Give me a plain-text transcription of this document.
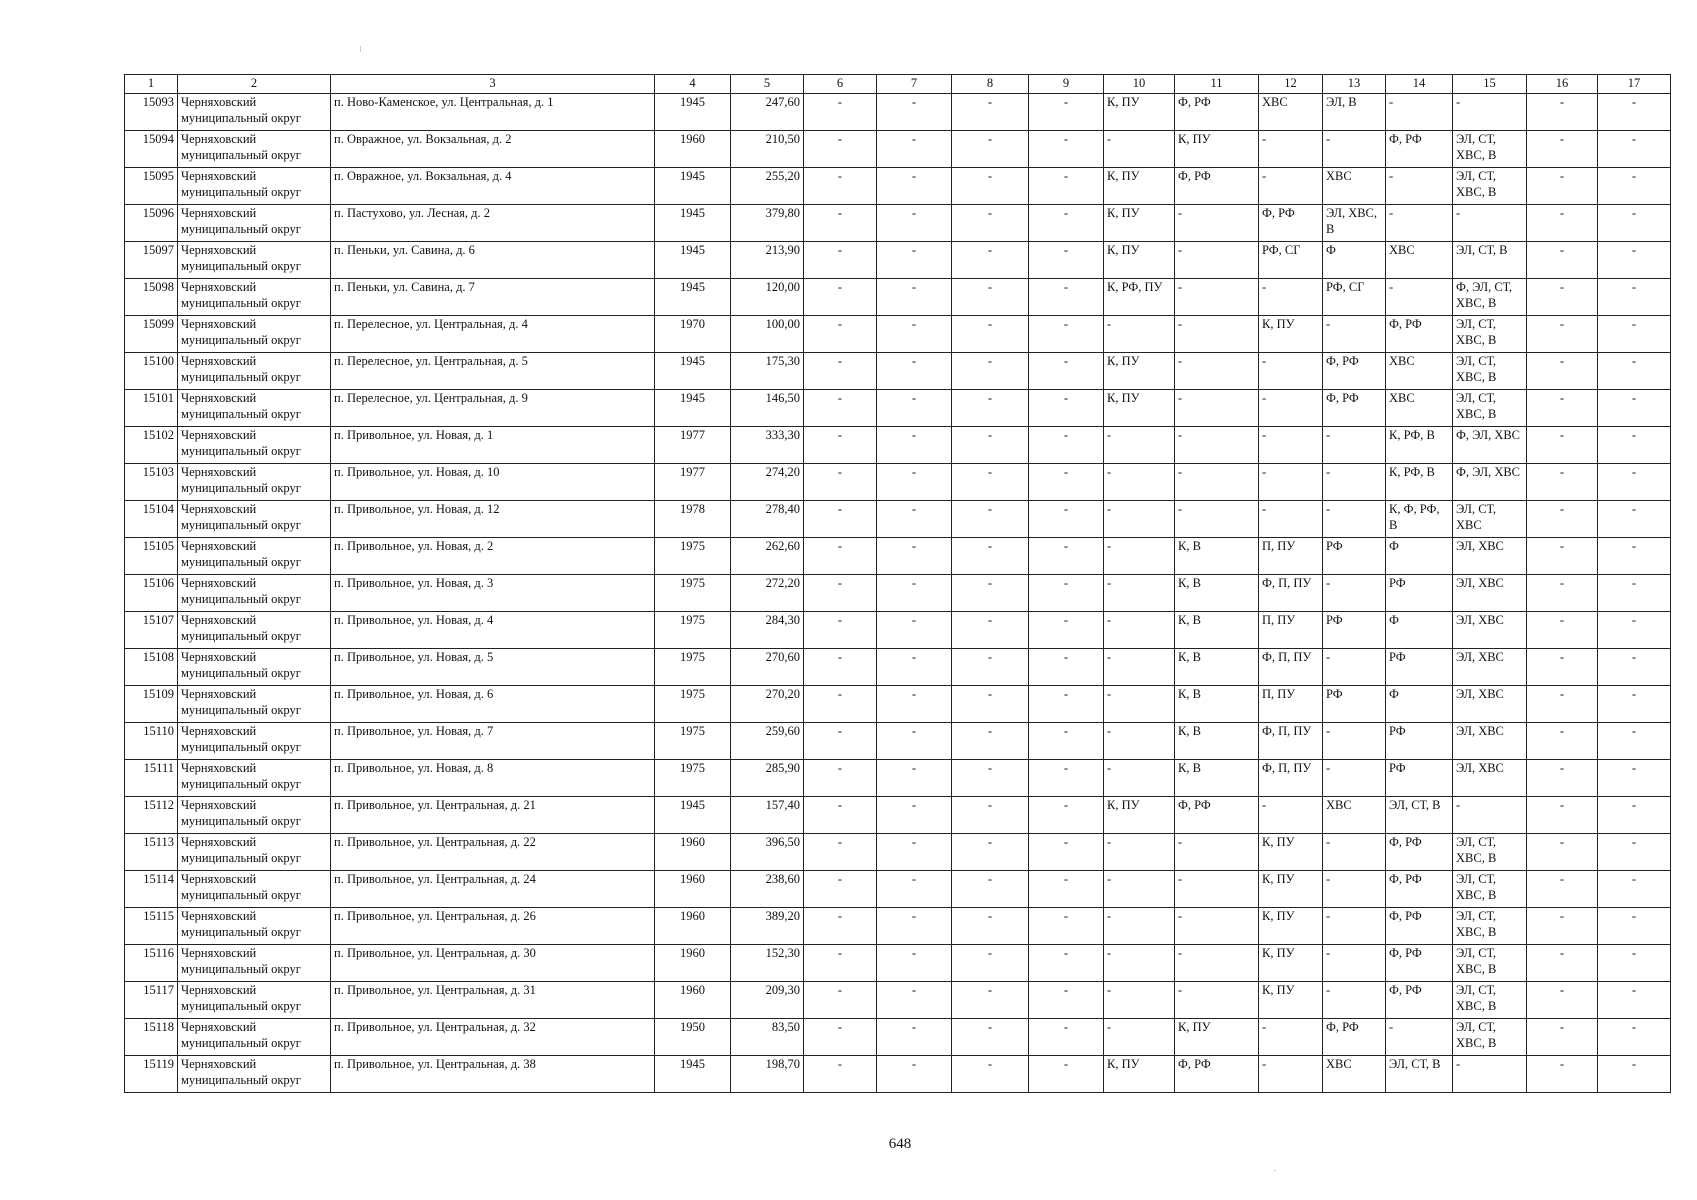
1	2	3	4	5	6	7	8	9	10	11	12	13	14	15	16	17
15093	Черняховский муниципальный округ	п. Ново-Каменское, ул. Центральная, д. 1	1945	247,60	-	-	-	-	К, ПУ	Ф, РФ	ХВС	ЭЛ, В	-	-	-	-
15094	Черняховский муниципальный округ	п. Овражное, ул. Вокзальная, д. 2	1960	210,50	-	-	-	-	-	К, ПУ	-	-	Ф, РФ	ЭЛ, СТ, ХВС, В	-	-
15095	Черняховский муниципальный округ	п. Овражное, ул. Вокзальная, д. 4	1945	255,20	-	-	-	-	К, ПУ	Ф, РФ	-	ХВС	-	ЭЛ, СТ, ХВС, В	-	-
15096	Черняховский муниципальный округ	п. Пастухово, ул. Лесная, д. 2	1945	379,80	-	-	-	-	К, ПУ	-	Ф, РФ	ЭЛ, ХВС, В	-	-	-	-
15097	Черняховский муниципальный округ	п. Пеньки, ул. Савина, д. 6	1945	213,90	-	-	-	-	К, ПУ	-	РФ, СГ	Ф	ХВС	ЭЛ, СТ, В	-	-
15098	Черняховский муниципальный округ	п. Пеньки, ул. Савина, д. 7	1945	120,00	-	-	-	-	К, РФ, ПУ	-	-	РФ, СГ	-	Ф, ЭЛ, СТ, ХВС, В	-	-
15099	Черняховский муниципальный округ	п. Перелесное, ул. Центральная, д. 4	1970	100,00	-	-	-	-	-	-	К, ПУ	-	Ф, РФ	ЭЛ, СТ, ХВС, В	-	-
15100	Черняховский муниципальный округ	п. Перелесное, ул. Центральная, д. 5	1945	175,30	-	-	-	-	К, ПУ	-	-	Ф, РФ	ХВС	ЭЛ, СТ, ХВС, В	-	-
15101	Черняховский муниципальный округ	п. Перелесное, ул. Центральная, д. 9	1945	146,50	-	-	-	-	К, ПУ	-	-	Ф, РФ	ХВС	ЭЛ, СТ, ХВС, В	-	-
15102	Черняховский муниципальный округ	п. Привольное, ул. Новая, д. 1	1977	333,30	-	-	-	-	-	-	-	-	К, РФ, В	Ф, ЭЛ, ХВС	-	-
15103	Черняховский муниципальный округ	п. Привольное, ул. Новая, д. 10	1977	274,20	-	-	-	-	-	-	-	-	К, РФ, В	Ф, ЭЛ, ХВС	-	-
15104	Черняховский муниципальный округ	п. Привольное, ул. Новая, д. 12	1978	278,40	-	-	-	-	-	-	-	-	К, Ф, РФ, В	ЭЛ, СТ, ХВС	-	-
15105	Черняховский муниципальный округ	п. Привольное, ул. Новая, д. 2	1975	262,60	-	-	-	-	-	К, В	П, ПУ	РФ	Ф	ЭЛ, ХВС	-	-
15106	Черняховский муниципальный округ	п. Привольное, ул. Новая, д. 3	1975	272,20	-	-	-	-	-	К, В	Ф, П, ПУ	-	РФ	ЭЛ, ХВС	-	-
15107	Черняховский муниципальный округ	п. Привольное, ул. Новая, д. 4	1975	284,30	-	-	-	-	-	К, В	П, ПУ	РФ	Ф	ЭЛ, ХВС	-	-
15108	Черняховский муниципальный округ	п. Привольное, ул. Новая, д. 5	1975	270,60	-	-	-	-	-	К, В	Ф, П, ПУ	-	РФ	ЭЛ, ХВС	-	-
15109	Черняховский муниципальный округ	п. Привольное, ул. Новая, д. 6	1975	270,20	-	-	-	-	-	К, В	П, ПУ	РФ	Ф	ЭЛ, ХВС	-	-
15110	Черняховский муниципальный округ	п. Привольное, ул. Новая, д. 7	1975	259,60	-	-	-	-	-	К, В	Ф, П, ПУ	-	РФ	ЭЛ, ХВС	-	-
15111	Черняховский муниципальный округ	п. Привольное, ул. Новая, д. 8	1975	285,90	-	-	-	-	-	К, В	Ф, П, ПУ	-	РФ	ЭЛ, ХВС	-	-
15112	Черняховский муниципальный округ	п. Привольное, ул. Центральная, д. 21	1945	157,40	-	-	-	-	К, ПУ	Ф, РФ	-	ХВС	ЭЛ, СТ, В	-	-	-
15113	Черняховский муниципальный округ	п. Привольное, ул. Центральная, д. 22	1960	396,50	-	-	-	-	-	-	К, ПУ	-	Ф, РФ	ЭЛ, СТ, ХВС, В	-	-
15114	Черняховский муниципальный округ	п. Привольное, ул. Центральная, д. 24	1960	238,60	-	-	-	-	-	-	К, ПУ	-	Ф, РФ	ЭЛ, СТ, ХВС, В	-	-
15115	Черняховский муниципальный округ	п. Привольное, ул. Центральная, д. 26	1960	389,20	-	-	-	-	-	-	К, ПУ	-	Ф, РФ	ЭЛ, СТ, ХВС, В	-	-
15116	Черняховский муниципальный округ	п. Привольное, ул. Центральная, д. 30	1960	152,30	-	-	-	-	-	-	К, ПУ	-	Ф, РФ	ЭЛ, СТ, ХВС, В	-	-
15117	Черняховский муниципальный округ	п. Привольное, ул. Центральная, д. 31	1960	209,30	-	-	-	-	-	-	К, ПУ	-	Ф, РФ	ЭЛ, СТ, ХВС, В	-	-
15118	Черняховский муниципальный округ	п. Привольное, ул. Центральная, д. 32	1950	83,50	-	-	-	-	-	К, ПУ	-	Ф, РФ	-	ЭЛ, СТ, ХВС, В	-	-
15119	Черняховский муниципальный округ	п. Привольное, ул. Центральная, д. 38	1945	198,70	-	-	-	-	К, ПУ	Ф, РФ	-	ХВС	ЭЛ, СТ, В	-	-	-
648
